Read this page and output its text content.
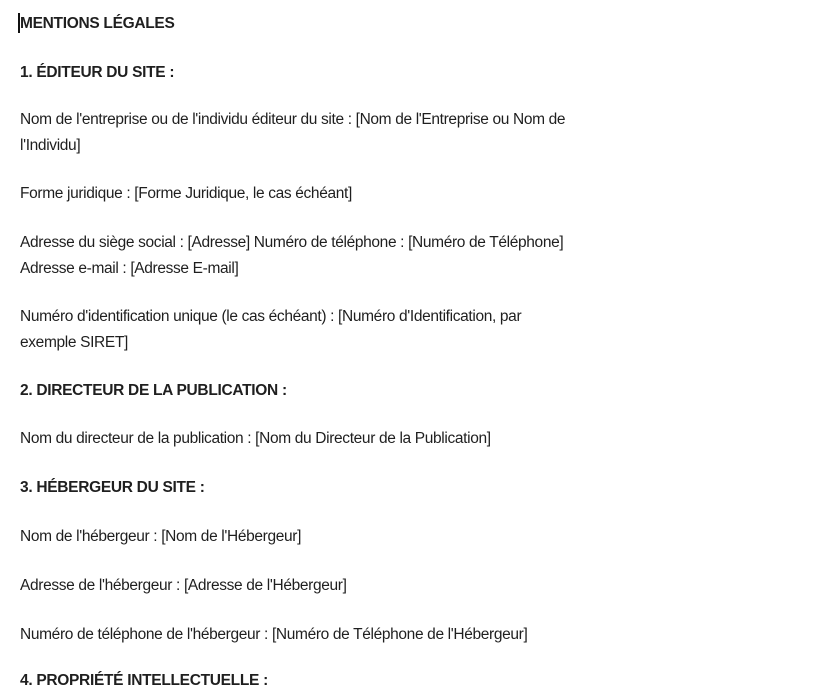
MENTIONS LÉGALES
1. ÉDITEUR DU SITE :
Nom de l'entreprise ou de l'individu éditeur du site : [Nom de l'Entreprise ou Nom de
l'Individu]
Forme juridique : [Forme Juridique, le cas échéant]
Adresse du siège social : [Adresse] Numéro de téléphone : [Numéro de Téléphone]
Adresse e-mail : [Adresse E-mail]
Numéro d'identification unique (le cas échéant) : [Numéro d'Identification, par
exemple SIRET]
2. DIRECTEUR DE LA PUBLICATION :
Nom du directeur de la publication : [Nom du Directeur de la Publication]
3. HÉBERGEUR DU SITE :
Nom de l'hébergeur : [Nom de l'Hébergeur]
Adresse de l'hébergeur : [Adresse de l'Hébergeur]
Numéro de téléphone de l'hébergeur : [Numéro de Téléphone de l'Hébergeur]
4. PROPRIÉTÉ INTELLECTUELLE :
